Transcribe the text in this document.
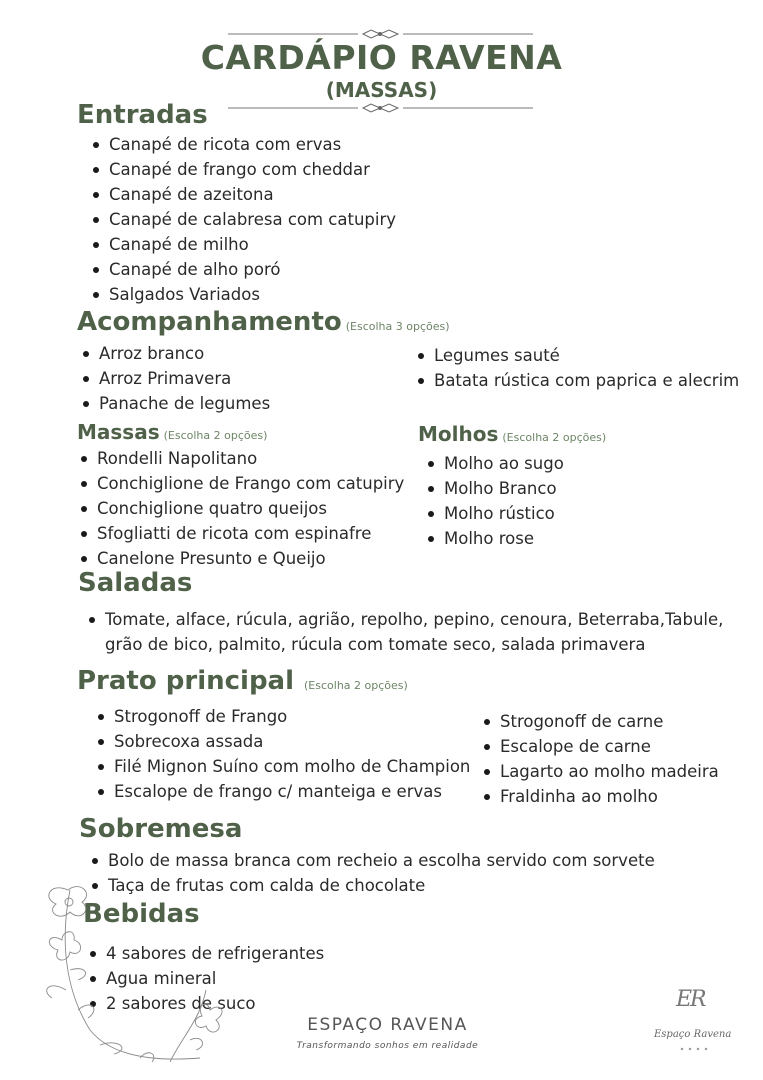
CARDÁPIO RAVENA
(MASSAS)
Entradas
Canapé de ricota com ervas
Canapé de frango com cheddar
Canapé de azeitona
Canapé de calabresa com catupiry
Canapé de milho
Canapé de alho poró
Salgados Variados
Acompanhamento (Escolha 3 opções)
Arroz branco
Arroz Primavera
Panache de legumes
Legumes sauté
Batata rústica com paprica e alecrim
Massas (Escolha 2 opções)
Rondelli Napolitano
Conchiglione de Frango com catupiry
Conchiglione quatro queijos
Sfogliatti de ricota com espinafre
Canelone Presunto e Queijo
Molhos (Escolha 2 opções)
Molho ao sugo
Molho Branco
Molho rústico
Molho rose
Saladas
Tomate, alface, rúcula, agrião, repolho, pepino, cenoura, Beterraba,Tabule, grão de bico, palmito, rúcula com tomate seco, salada primavera
Prato principal (Escolha 2 opções)
Strogonoff de Frango
Sobrecoxa assada
Filé Mignon Suíno com molho de Champion
Escalope de frango c/ manteiga e ervas
Strogonoff de carne
Escalope de carne
Lagarto ao molho madeira
Fraldinha ao molho
Sobremesa
Bolo de massa branca com recheio a escolha servido com sorvete
Taça de frutas com calda de chocolate
Bebidas
4 sabores de refrigerantes
Agua mineral
2 sabores de suco
ESPAÇO RAVENA
Transformando sonhos em realidade
ER
Espaço Ravena
